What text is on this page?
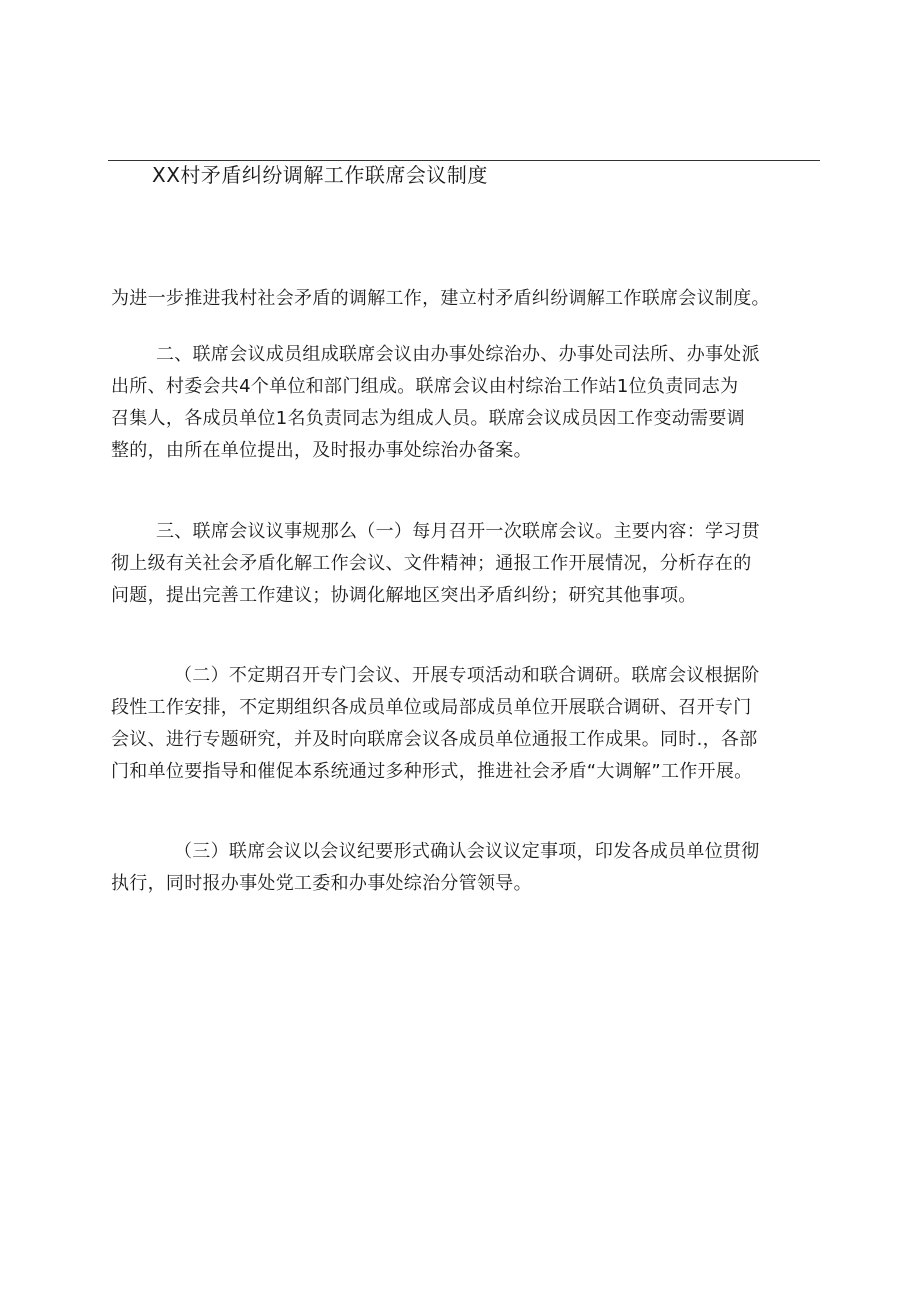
XX村矛盾纠纷调解工作联席会议制度

为进一步推进我村社会矛盾的调解工作，建立村矛盾纠纷调解工作联席会议制度。

二、联席会议成员组成联席会议由办事处综治办、办事处司法所、办事处派

出所、村委会共4个单位和部门组成。联席会议由村综治工作站1位负责同志为

召集人，各成员单位1名负责同志为组成人员。联席会议成员因工作变动需要调

整的，由所在单位提出，及时报办事处综治办备案。

三、联席会议议事规那么（一）每月召开一次联席会议。主要内容：学习贯

彻上级有关社会矛盾化解工作会议、文件精神；通报工作开展情况，分析存在的

问题，提出完善工作建议；协调化解地区突出矛盾纠纷；研究其他事项。

（二）不定期召开专门会议、开展专项活动和联合调研。联席会议根据阶

段性工作安排，不定期组织各成员单位或局部成员单位开展联合调研、召开专门

会议、进行专题研究，并及时向联席会议各成员单位通报工作成果。同时.，各部

门和单位要指导和催促本系统通过多种形式，推进社会矛盾“大调解”工作开展。

（三）联席会议以会议纪要形式确认会议议定事项，印发各成员单位贯彻

执行，同时报办事处党工委和办事处综治分管领导。
